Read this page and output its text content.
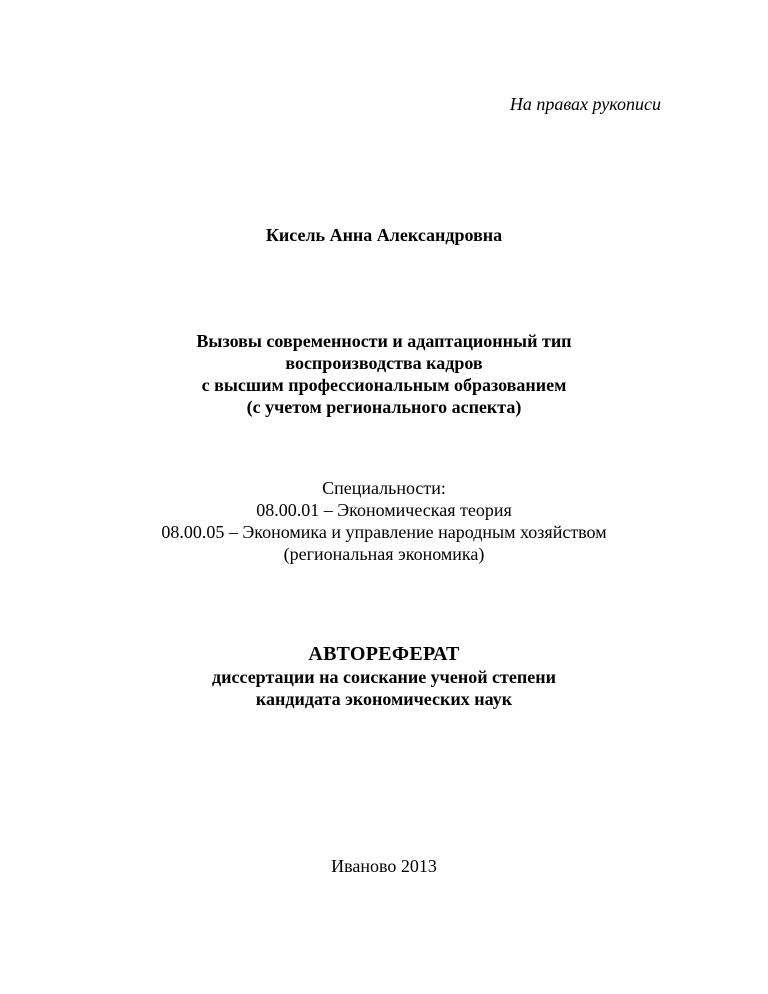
На правах рукописи
Кисель Анна Александровна
Вызовы современности и адаптационный тип
воспроизводства кадров
с высшим профессиональным образованием
(с учетом регионального аспекта)
Специальности:
08.00.01 – Экономическая теория
08.00.05 – Экономика и управление народным хозяйством
(региональная экономика)
АВТОРЕФЕРАТ
диссертации на соискание ученой степени
кандидата экономических наук
Иваново 2013
